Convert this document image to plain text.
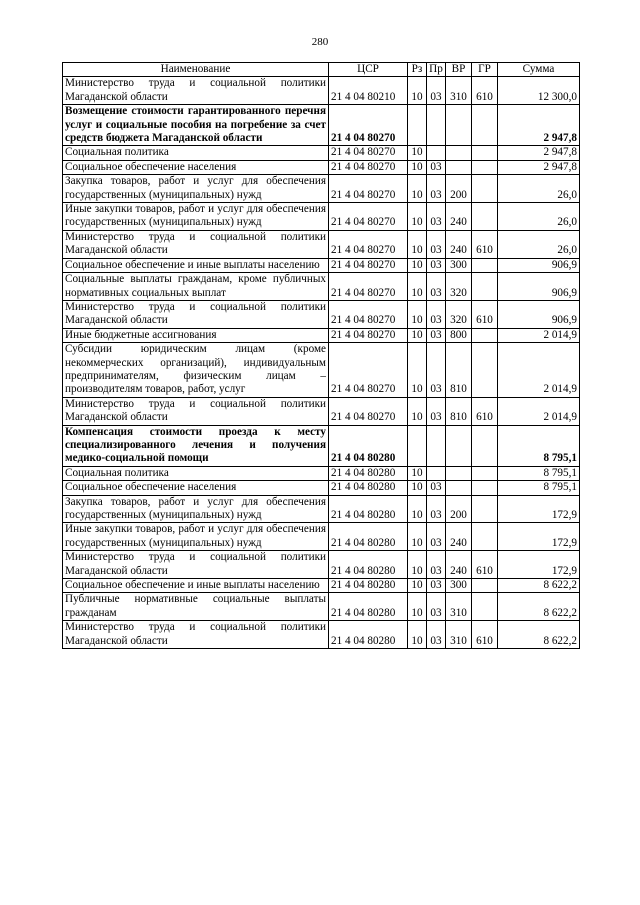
280
Наименование	ЦСР	Рз	Пр	ВР	ГР	Сумма
Министерство труда и социальной политики Магаданской области	21 4 04 80210	10	03	310	610	12 300,0
Возмещение стоимости гарантированного перечня услуг и социальные пособия на погребение за счет средств бюджета Магаданской области	21 4 04 80270					2 947,8
Социальная политика	21 4 04 80270	10				2 947,8
Социальное обеспечение населения	21 4 04 80270	10	03			2 947,8
Закупка товаров, работ и услуг для обеспечения государственных (муниципальных) нужд	21 4 04 80270	10	03	200		26,0
Иные закупки товаров, работ и услуг для обеспечения государственных (муниципальных) нужд	21 4 04 80270	10	03	240		26,0
Министерство труда и социальной политики Магаданской области	21 4 04 80270	10	03	240	610	26,0
Социальное обеспечение и иные выплаты населению	21 4 04 80270	10	03	300		906,9
Социальные выплаты гражданам, кроме публичных нормативных социальных выплат	21 4 04 80270	10	03	320		906,9
Министерство труда и социальной политики Магаданской области	21 4 04 80270	10	03	320	610	906,9
Иные бюджетные ассигнования	21 4 04 80270	10	03	800		2 014,9
Субсидии юридическим лицам (кроме некоммерческих организаций), индивидуальным предпринимателям, физическим лицам – производителям товаров, работ, услуг	21 4 04 80270	10	03	810		2 014,9
Министерство труда и социальной политики Магаданской области	21 4 04 80270	10	03	810	610	2 014,9
Компенсация стоимости проезда к месту специализированного лечения и получения медико-социальной помощи	21 4 04 80280					8 795,1
Социальная политика	21 4 04 80280	10				8 795,1
Социальное обеспечение населения	21 4 04 80280	10	03			8 795,1
Закупка товаров, работ и услуг для обеспечения государственных (муниципальных) нужд	21 4 04 80280	10	03	200		172,9
Иные закупки товаров, работ и услуг для обеспечения государственных (муниципальных) нужд	21 4 04 80280	10	03	240		172,9
Министерство труда и социальной политики Магаданской области	21 4 04 80280	10	03	240	610	172,9
Социальное обеспечение и иные выплаты населению	21 4 04 80280	10	03	300		8 622,2
Публичные нормативные социальные выплаты гражданам	21 4 04 80280	10	03	310		8 622,2
Министерство труда и социальной политики Магаданской области	21 4 04 80280	10	03	310	610	8 622,2
